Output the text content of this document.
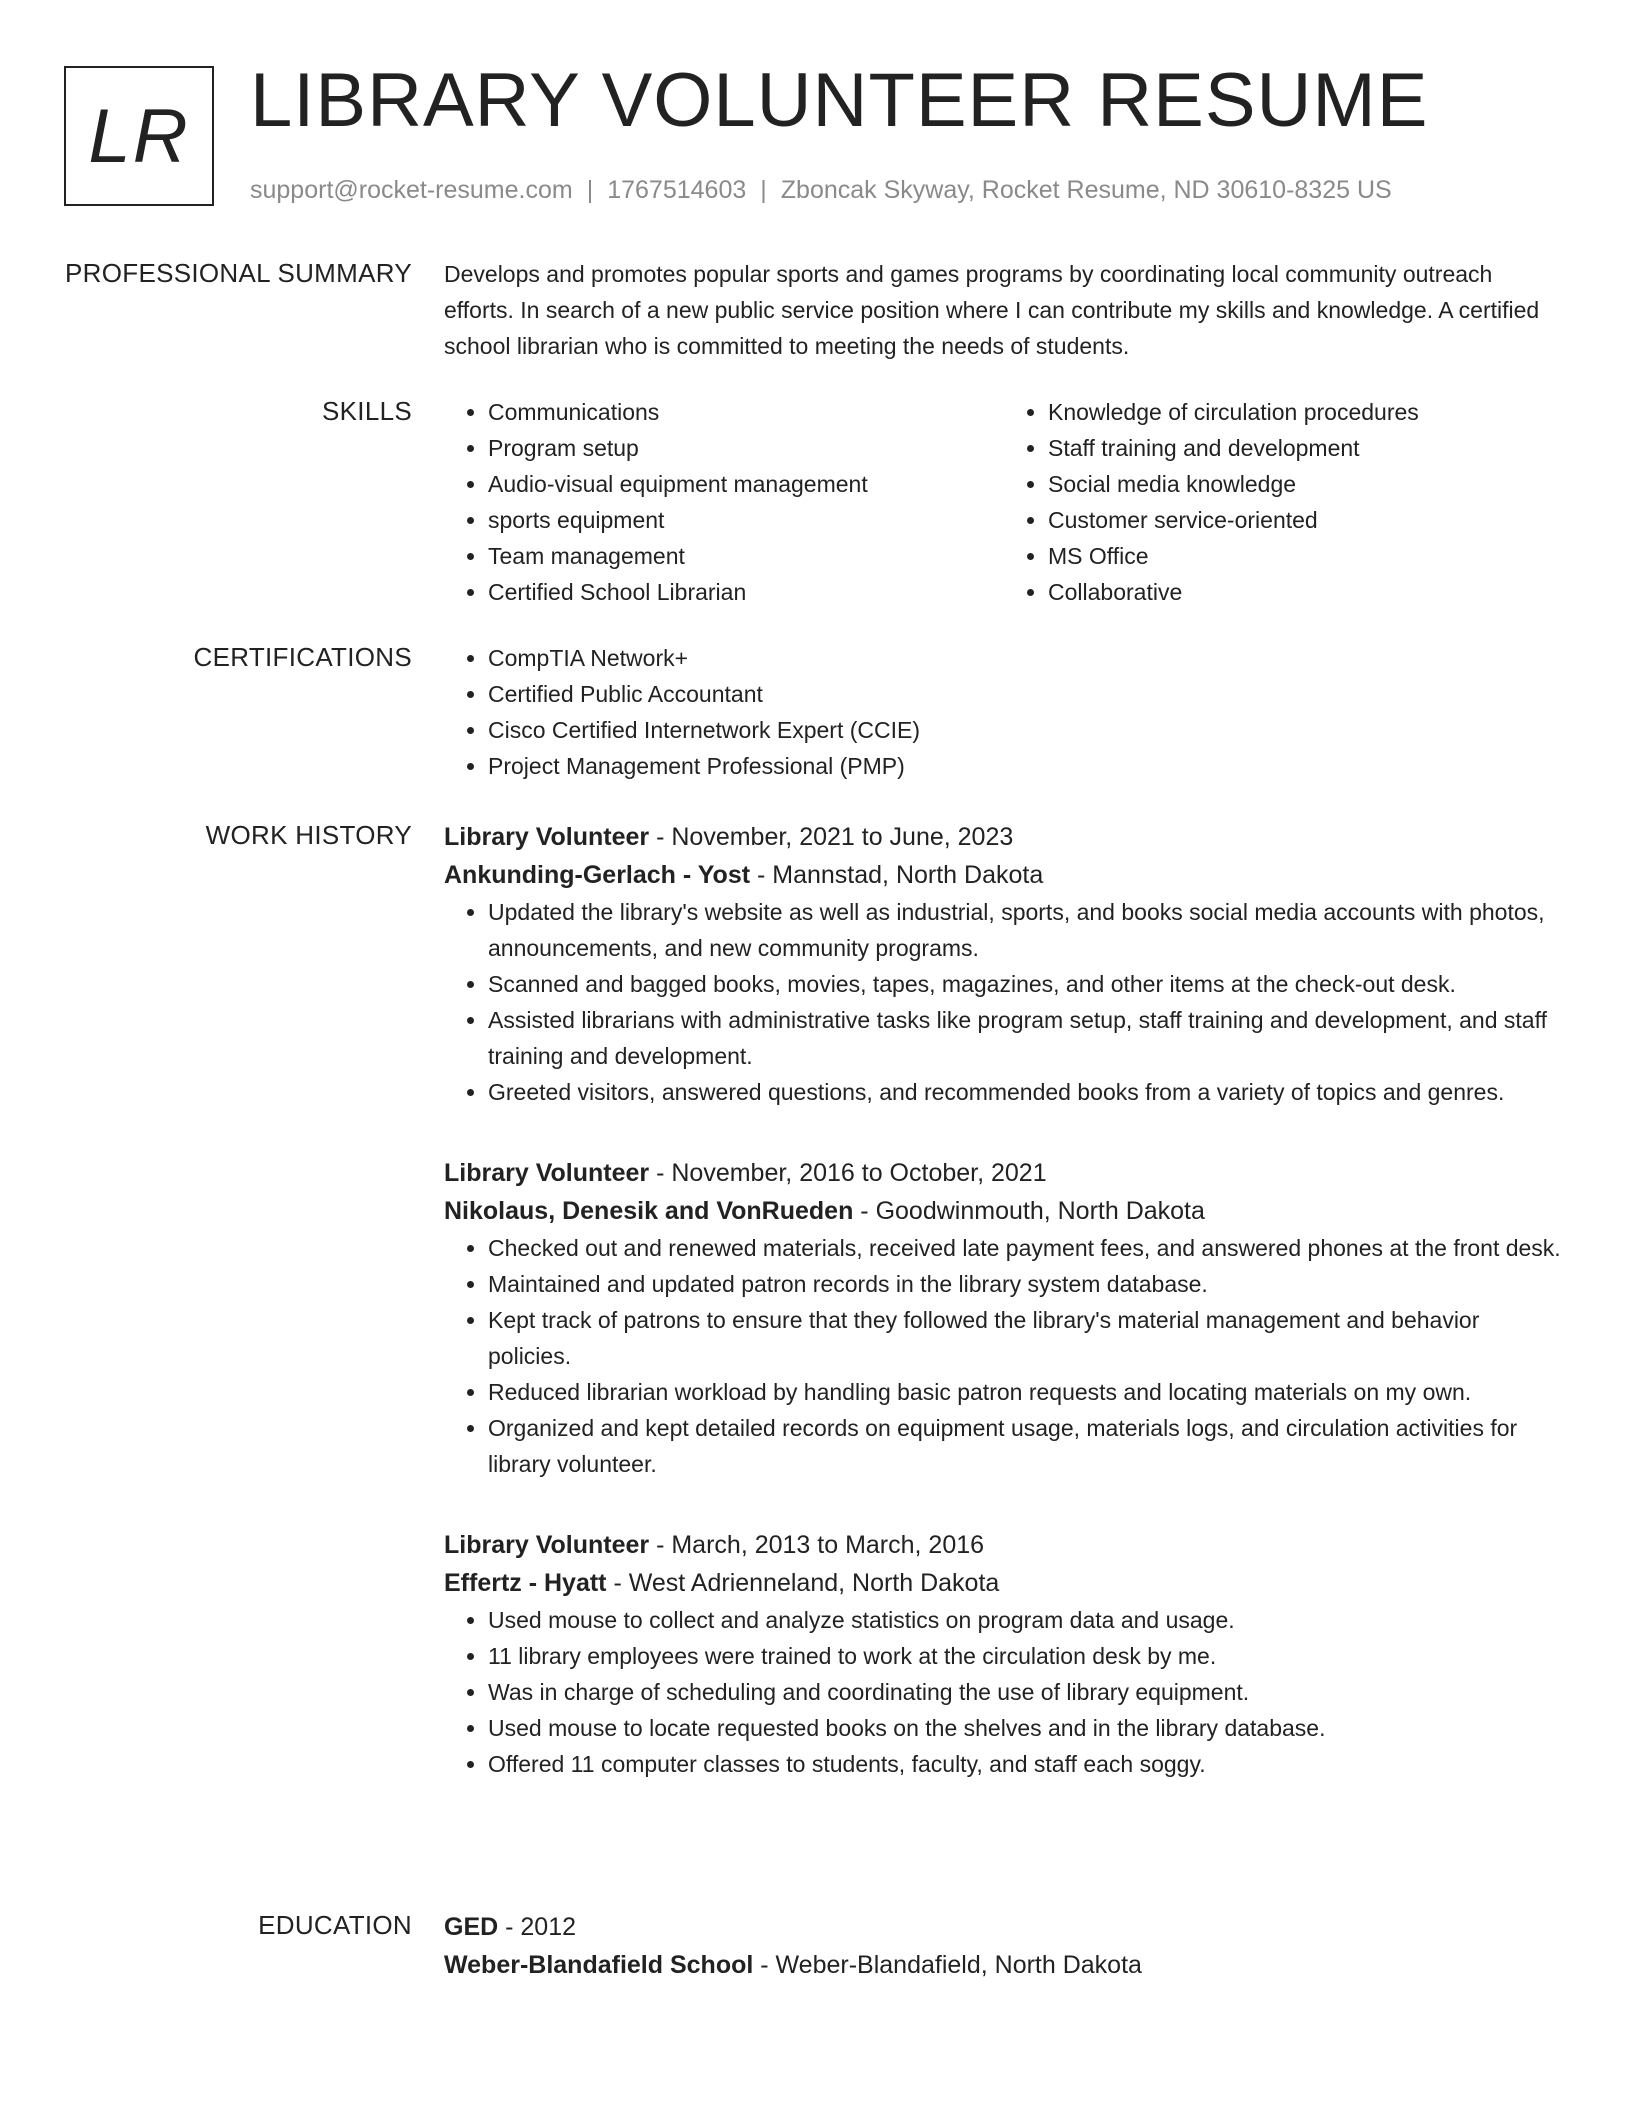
LR LIBRARY VOLUNTEER RESUME
support@rocket-resume.com | 1767514603 | Zboncak Skyway, Rocket Resume, ND 30610-8325 US
PROFESSIONAL SUMMARY Develops and promotes popular sports and games programs by coordinating local community outreach efforts. In search of a new public service position where I can contribute my skills and knowledge. A certified school librarian who is committed to meeting the needs of students.
SKILLS	• Communications
• Program setup
• Audio-visual equipment management
• sports equipment
• Team management
• Certified School Librarian
• Knowledge of circulation procedures
• Staff training and development
• Social media knowledge
• Customer service-oriented
• MS Office
• Collaborative
CERTIFICATIONS	• CompTIA Network+
• Certified Public Accountant
• Cisco Certified Internetwork Expert (CCIE)
• Project Management Professional (PMP)
WORK HISTORY Library Volunteer - November, 2021 to June, 2023
Ankunding-Gerlach - Yost - Mannstad, North Dakota
• Updated the library's website as well as industrial, sports, and books social media accounts with photos, announcements, and new community programs.
• Scanned and bagged books, movies, tapes, magazines, and other items at the check-out desk.
• Assisted librarians with administrative tasks like program setup, staff training and development, and staff training and development.
• Greeted visitors, answered questions, and recommended books from a variety of topics and genres.
Library Volunteer - November, 2016 to October, 2021
Nikolaus, Denesik and VonRueden - Goodwinmouth, North Dakota
• Checked out and renewed materials, received late payment fees, and answered phones at the front desk.
• Maintained and updated patron records in the library system database.
• Kept track of patrons to ensure that they followed the library's material management and behavior policies.
• Reduced librarian workload by handling basic patron requests and locating materials on my own.
• Organized and kept detailed records on equipment usage, materials logs, and circulation activities for library volunteer.
Library Volunteer - March, 2013 to March, 2016
Effertz - Hyatt - West Adrienneland, North Dakota
• Used mouse to collect and analyze statistics on program data and usage.
• 11 library employees were trained to work at the circulation desk by me.
• Was in charge of scheduling and coordinating the use of library equipment.
• Used mouse to locate requested books on the shelves and in the library database.
• Offered 11 computer classes to students, faculty, and staff each soggy.
EDUCATION GED - 2012
Weber-Blandafield School - Weber-Blandafield, North Dakota
